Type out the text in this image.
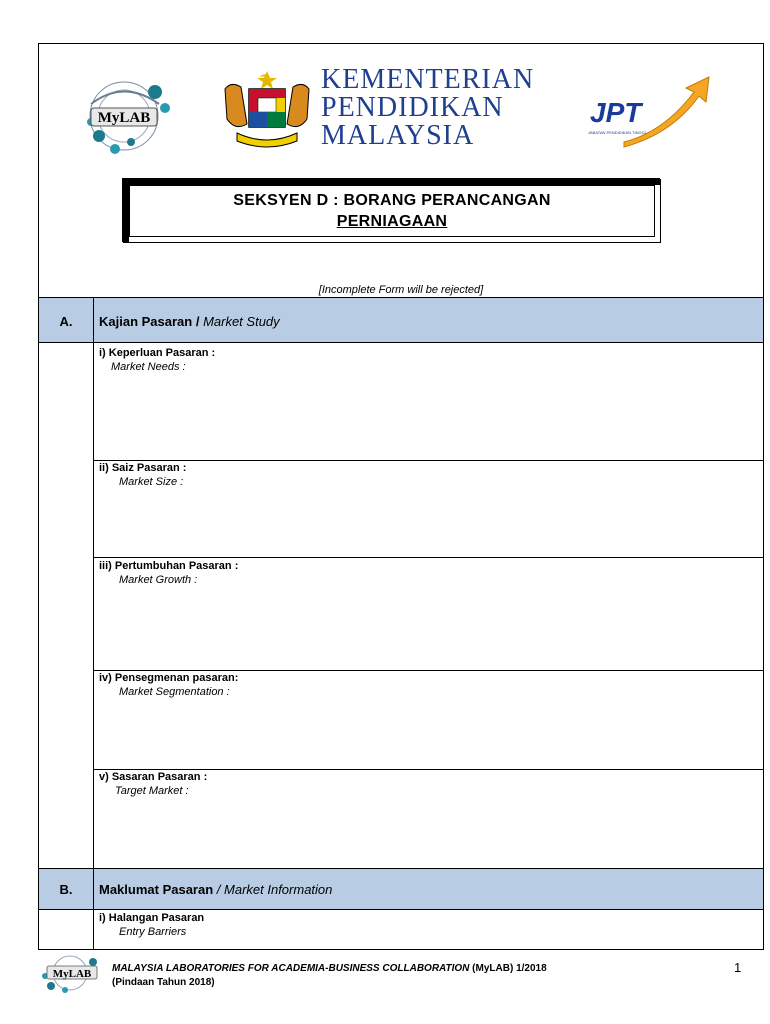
MyLAB
KEMENTERIAN
PENDIDIKAN
MALAYSIA
JPT
JABATAN PENDIDIKAN TINGGI
SEKSYEN D : BORANG PERANCANGAN
PERNIAGAAN
[Incomplete Form will be rejected]
A.	Kajian Pasaran / Market Study
i) Keperluan Pasaran :
Market Needs :
ii) Saiz Pasaran :
Market Size :
iii) Pertumbuhan Pasaran :
Market Growth :
iv) Pensegmenan pasaran:
Market Segmentation :
v) Sasaran Pasaran :
Target Market :
B.	Maklumat Pasaran / Market Information
i) Halangan Pasaran
Entry Barriers
MyLAB MALAYSIA LABORATORIES FOR ACADEMIA-BUSINESS COLLABORATION (MyLAB) 1/2018
(Pindaan Tahun 2018)
1
